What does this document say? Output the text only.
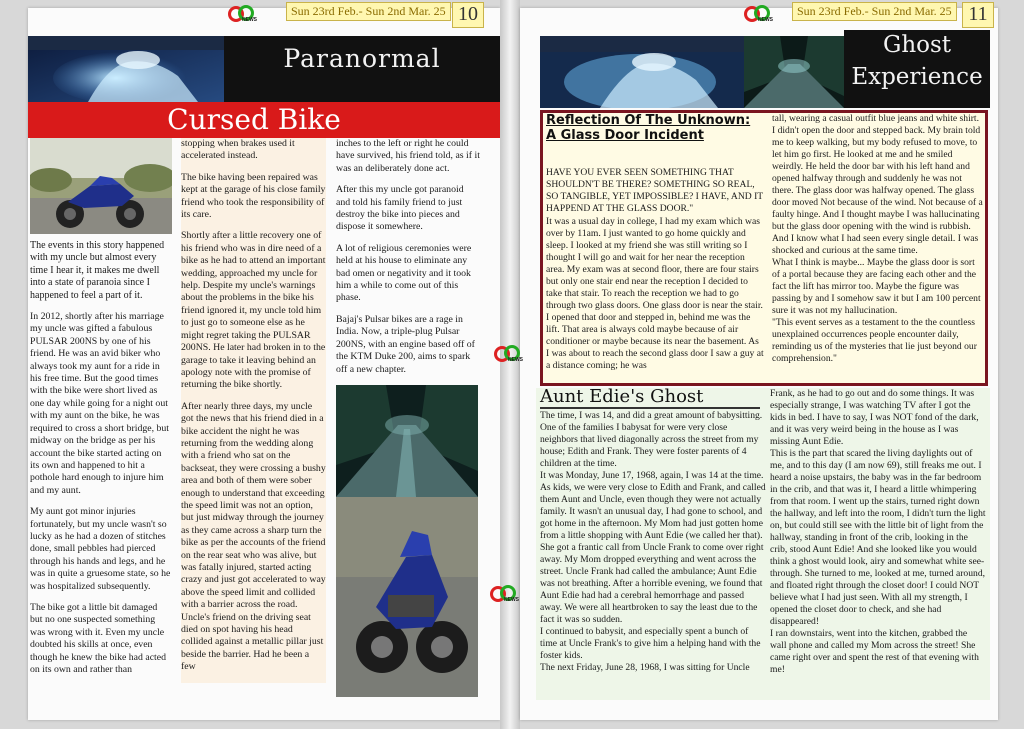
NEWS
Sun 23rd Feb.- Sun 2nd Mar. 25 10
Paranormal
Cursed Bike

The events in this story happened with my uncle but almost every time I hear it, it makes me dwell into a state of paranoia since I happened to feel a part of it.

In 2012, shortly after his marriage my uncle was gifted a fabulous PULSAR 200NS by one of his friend. He was an avid biker who always took my aunt for a ride in his free time. But the good times with the bike were short lived as one day while going for a night out with my aunt on the bike, he was required to cross a short bridge, but midway on the bridge as per his account the bike started acting on its own and happened to hit a pothole hard enough to injure him and my aunt.

My aunt got minor injuries fortunately, but my uncle wasn't so lucky as he had a dozen of stitches done, small pebbles had pierced through his hands and legs, and he was in quite a gruesome state, so he was hospitalized subsequently.

The bike got a little bit damaged but no one suspected something was wrong with it. Even my uncle doubted his skills at once, even though he knew the bike had acted on its own and rather than

stopping when brakes used it accelerated instead.

The bike having been repaired was kept at the garage of his close family friend who took the responsibility of its care.

Shortly after a little recovery one of his friend who was in dire need of a bike as he had to attend an important wedding, approached my uncle for help. Despite my uncle's warnings about the problems in the bike his friend ignored it, my uncle told him to just go to someone else as he might regret taking the PULSAR 200NS. He later had broken in to the garage to take it leaving behind an apology note with the promise of returning the bike shortly.

After nearly three days, my uncle got the news that his friend died in a bike accident the night he was returning from the wedding along with a friend who sat on the backseat, they were crossing a bushy area and both of them were sober enough to understand that exceeding the speed limit was not an option, but just midway through the journey as they came across a sharp turn the bike as per the accounts of the friend on the rear seat who was alive, but was fatally injured, started acting crazy and just got accelerated to way above the speed limit and collided with a barrier across the road. Uncle's friend on the driving seat died on spot having his head collided against a metallic pillar just beside the barrier. Had he been a few

inches to the left or right he could have survived, his friend told, as if it was an deliberately done act.

After this my uncle got paranoid and told his family friend to just destroy the bike into pieces and dispose it somewhere.

A lot of religious ceremonies were held at his house to eliminate any bad omen or negativity and it took him a while to come out of this phase.

Bajaj's Pulsar bikes are a rage in India. Now, a triple-plug Pulsar 200NS, with an engine based off of the KTM Duke 200, aims to spark off a new chapter.

NEWS
Sun 23rd Feb.- Sun 2nd Mar. 25 11
Ghost
Experience
Reflection Of The Unknown: A Glass Door Incident
HAVE YOU EVER SEEN SOMETHING THAT SHOULDN'T BE THERE? SOMETHING SO REAL, SO TANGIBLE, YET IMPOSSIBLE? I HAVE, AND IT HAPPEND AT THE GLASS DOOR."
It was a usual day in college, I had my exam which was over by 11am. I just wanted to go home quickly and sleep. I looked at my friend she was still writing so I thought I will go and wait for her near the reception area. My exam was at second floor, there are four stairs but only one stair end near the reception I decided to take that stair. To reach the reception we had to go through two glass doors. One glass door is near the stair. I opened that door and stepped in, behind me was the lift. That area is always cold maybe because of air conditioner or maybe because its near the basement. As I was about to reach the second glass door I saw a guy at a distance coming; he was
tall, wearing a casual outfit blue jeans and white shirt. I didn't open the door and stepped back. My brain told me to keep walking, but my body refused to move, to let him go first. He looked at me and he smiled weirdly. He held the door bar with his left hand and opened halfway through and suddenly he was not there. The glass door was halfway opened. The glass door moved Not because of the wind. Not because of a faulty hinge. And I thought maybe I was hallucinating but the glass door opening with the wind is rubbish. And I know what I had seen every single detail. I was shocked and curious at the same time.
What I think is maybe... Maybe the glass door is sort of a portal because they are facing each other and the fact the lift has mirror too. Maybe the figure was passing by and I somehow saw it but I am 100 percent sure it was not my hallucination.
"This event serves as a testament to the the countless unexplained occurrences people encounter daily, reminding us of the mysteries that lie just beyond our comprehension."
Aunt Edie's Ghost
The time, I was 14, and did a great amount of babysitting. One of the families I babysat for were very close neighbors that lived diagonally across the street from my house; Edith and Frank. They were foster parents of 4 children at the time.
It was Monday, June 17, 1968, again, I was 14 at the time. As kids, we were very close to Edith and Frank, and called them Aunt and Uncle, even though they were not actually family. It wasn't an unusual day, I had gone to school, and got home in the afternoon. My Mom had just gotten home from a little shopping with Aunt Edie (we called her that). She got a frantic call from Uncle Frank to come over right away. My Mom dropped everything and went across the street. Uncle Frank had called the ambulance; Aunt Edie was not breathing. After a horrible evening, we found that Aunt Edie had had a cerebral hemorrhage and passed away. We were all heartbroken to say the least due to the fact it was so sudden.
I continued to babysit, and especially spent a bunch of time at Uncle Frank's to give him a helping hand with the foster kids.
The next Friday, June 28, 1968, I was sitting for Uncle
Frank, as he had to go out and do some things. It was especially strange, I was watching TV after I got the kids in bed. I have to say, I was NOT fond of the dark, and it was very weird being in the house as I was missing Aunt Edie.
This is the part that scared the living daylights out of me, and to this day (I am now 69), still freaks me out. I heard a noise upstairs, the baby was in the far bedroom in the crib, and that was it, I heard a little whimpering from that room. I went up the stairs, turned right down the hallway, and left into the room, I didn't turn the light on, but could still see with the little bit of light from the hallway, standing in front of the crib, looking in the crib, stood Aunt Edie! And she looked like you would think a ghost would look, airy and somewhat white see-through. She turned to me, looked at me, turned around, and floated right through the closet door! I could NOT believe what I had just seen. With all my strength, I opened the closet door to check, and she had disappeared!
I ran downstairs, went into the kitchen, grabbed the wall phone and called my Mom across the street! She came right over and spent the rest of that evening with me!
NEWS
NEWS
